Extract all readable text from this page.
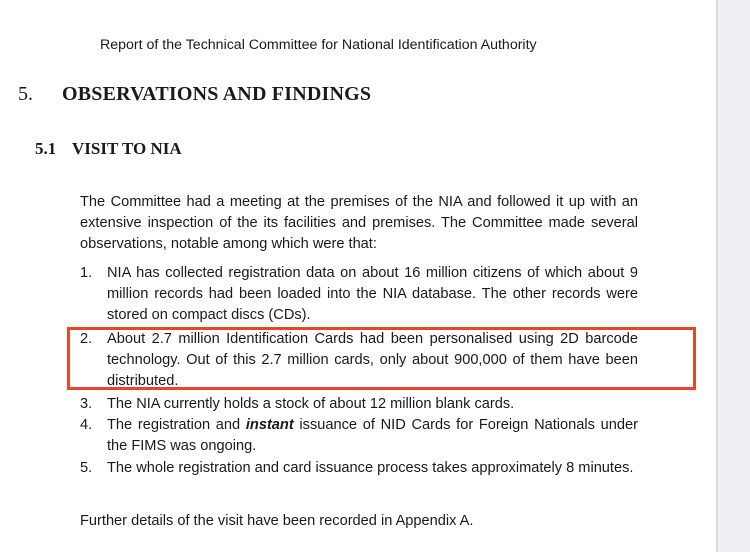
Report of the Technical Committee for National Identification Authority
5. OBSERVATIONS AND FINDINGS
5.1 VISIT TO NIA
The Committee had a meeting at the premises of the NIA and followed it up with an
extensive inspection of the its facilities and premises. The Committee made several
observations, notable among which were that:
1. NIA has collected registration data on about 16 million citizens of which about 9
million records had been loaded into the NIA database. The other records were
stored on compact discs (CDs).
2. About 2.7 million Identification Cards had been personalised using 2D barcode
technology. Out of this 2.7 million cards, only about 900,000 of them have been
distributed.
3. The NIA currently holds a stock of about 12 million blank cards.
4. The registration and instant issuance of NID Cards for Foreign Nationals under
the FIMS was ongoing.
5. The whole registration and card issuance process takes approximately 8 minutes.
Further details of the visit have been recorded in Appendix A.
